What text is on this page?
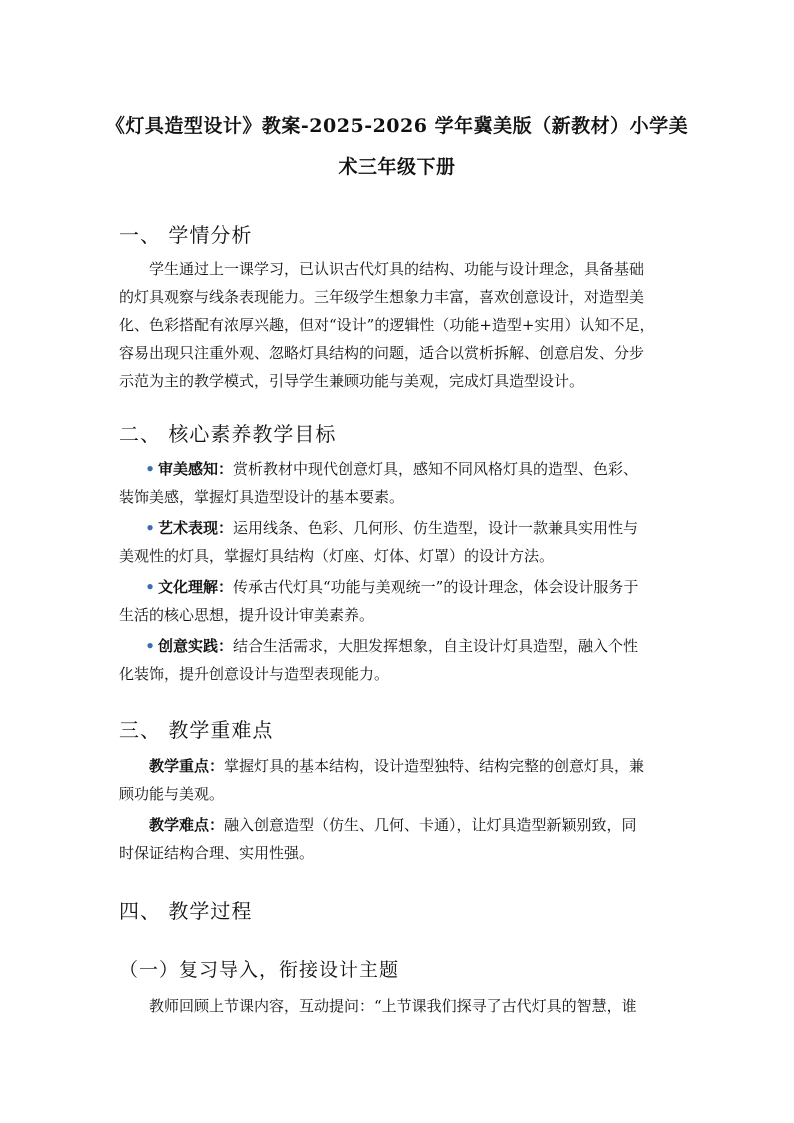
《灯具造型设计》教案-2025-2026 学年冀美版（新教材）小学美
术三年级下册
一、 学情分析
学生通过上一课学习，已认识古代灯具的结构、功能与设计理念，具备基础
的灯具观察与线条表现能力。三年级学生想象力丰富，喜欢创意设计，对造型美
化、色彩搭配有浓厚兴趣，但对“设计”的逻辑性（功能+造型+实用）认知不足，
容易出现只注重外观、忽略灯具结构的问题，适合以赏析拆解、创意启发、分步
示范为主的教学模式，引导学生兼顾功能与美观，完成灯具造型设计。
二、 核心素养教学目标
• 审美感知：赏析教材中现代创意灯具，感知不同风格灯具的造型、色彩、
装饰美感，掌握灯具造型设计的基本要素。
• 艺术表现：运用线条、色彩、几何形、仿生造型，设计一款兼具实用性与
美观性的灯具，掌握灯具结构（灯座、灯体、灯罩）的设计方法。
• 文化理解：传承古代灯具“功能与美观统一”的设计理念，体会设计服务于
生活的核心思想，提升设计审美素养。
• 创意实践：结合生活需求，大胆发挥想象，自主设计灯具造型，融入个性
化装饰，提升创意设计与造型表现能力。
三、 教学重难点
教学重点：掌握灯具的基本结构，设计造型独特、结构完整的创意灯具，兼
顾功能与美观。
教学难点：融入创意造型（仿生、几何、卡通），让灯具造型新颖别致，同
时保证结构合理、实用性强。
四、 教学过程
（一）复习导入，衔接设计主题
教师回顾上节课内容，互动提问：“上节课我们探寻了古代灯具的智慧，谁
